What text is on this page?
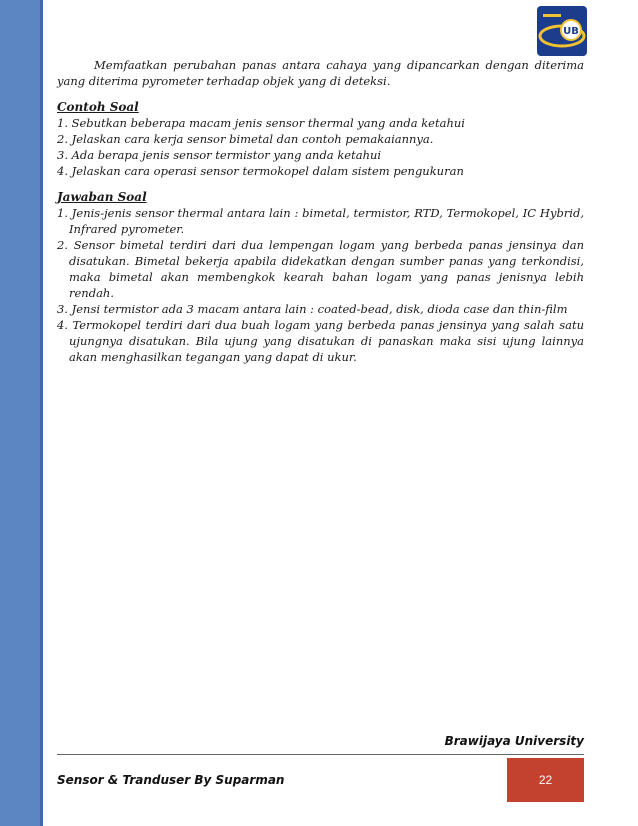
UB

Memfaatkan perubahan panas antara cahaya yang dipancarkan dengan diterima yang diterima pyrometer terhadap objek yang di deteksi.

Contoh Soal

1. Sebutkan beberapa macam jenis sensor thermal yang anda ketahui
2. Jelaskan cara kerja sensor bimetal dan contoh pemakaiannya.
3. Ada berapa jenis sensor termistor yang anda ketahui
4. Jelaskan cara operasi sensor termokopel dalam sistem pengukuran

Jawaban Soal

1. Jenis-jenis sensor thermal antara lain : bimetal, termistor, RTD, Termokopel, IC Hybrid, Infrared pyrometer.
2. Sensor bimetal terdiri dari dua lempengan logam yang berbeda panas jensinya dan disatukan. Bimetal bekerja apabila didekatkan dengan sumber panas yang terkondisi, maka bimetal akan membengkok kearah bahan logam yang panas jenisnya lebih rendah.
3. Jensi termistor ada 3 macam antara lain : coated-bead, disk, dioda case dan thin-film
4. Termokopel terdiri dari dua buah logam yang berbeda panas jensinya yang salah satu ujungnya disatukan. Bila ujung yang disatukan di panaskan maka sisi ujung lainnya akan menghasilkan tegangan yang dapat di ukur.
Brawijaya University
Sensor & Tranduser By Suparman	22
